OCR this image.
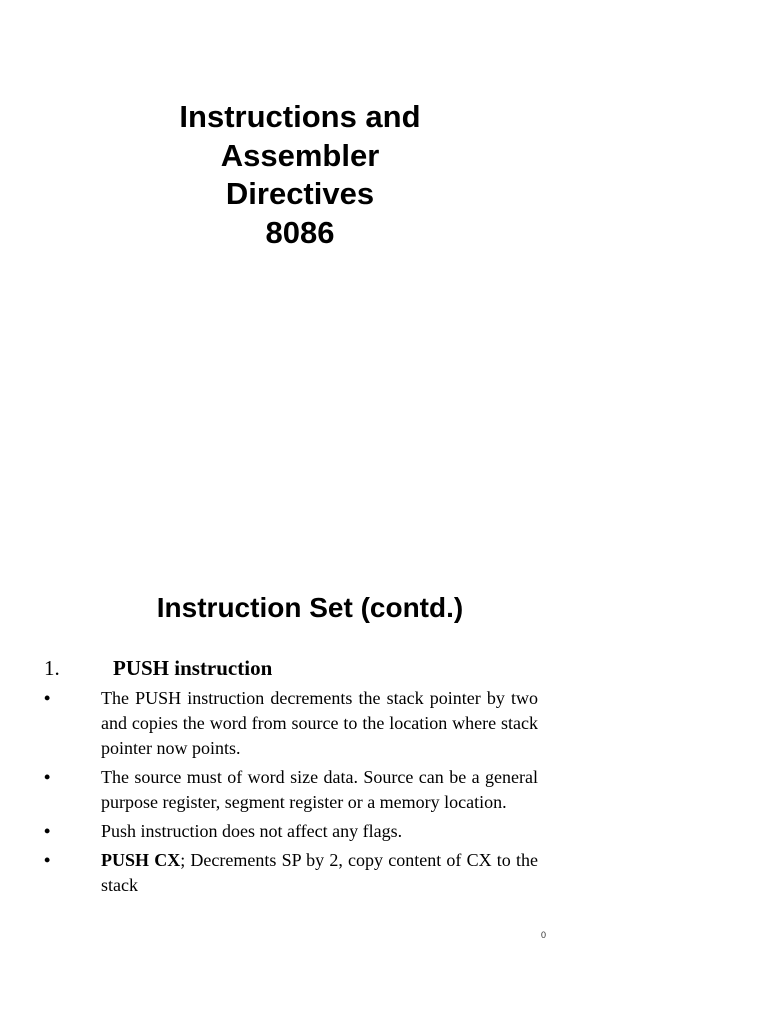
Instructions and
Assembler
Directives
8086
Instruction Set (contd.)
1.	PUSH instruction
•	The PUSH instruction decrements the stack pointer by two and copies the word from source to the location where stack pointer now points.
•	The source must of word size data. Source can be a general purpose register, segment register or a memory location.
•	Push instruction does not affect any flags.
•	PUSH CX; Decrements SP by 2, copy content of CX to the stack
0
